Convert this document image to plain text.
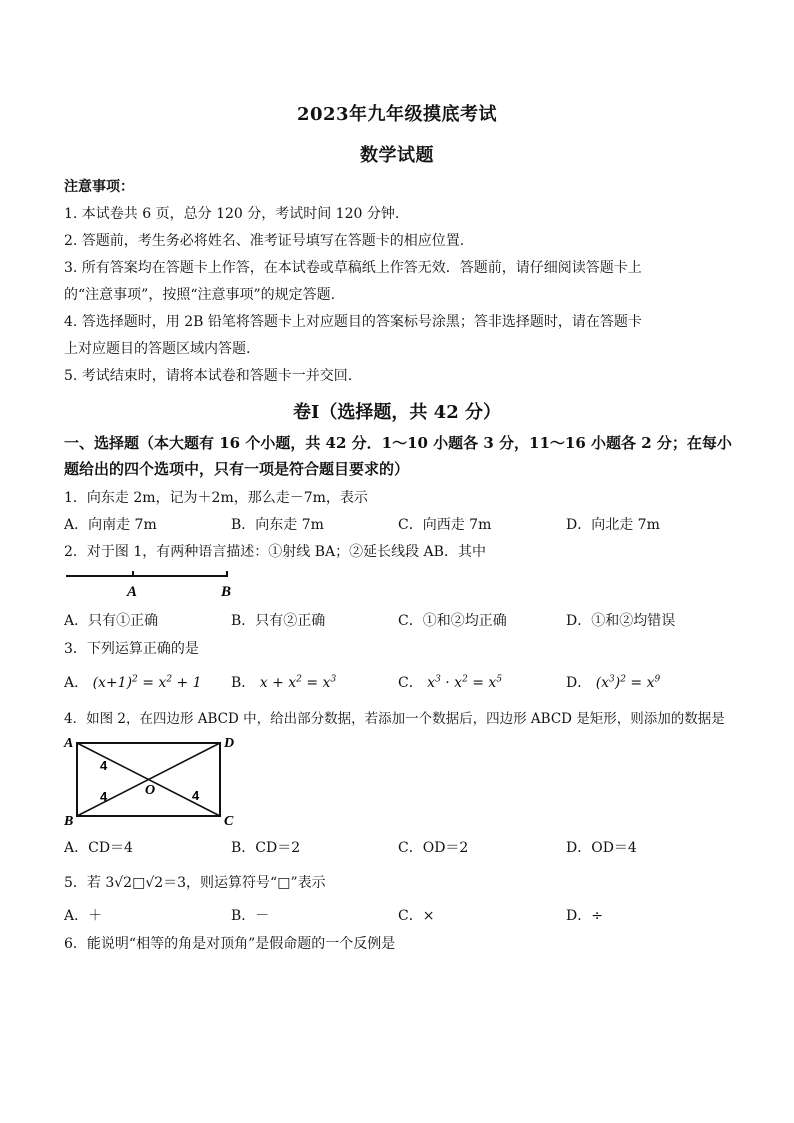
2023年九年级摸底考试
数学试题
注意事项：
1. 本试卷共 6 页，总分 120 分，考试时间 120 分钟.
2. 答题前，考生务必将姓名、准考证号填写在答题卡的相应位置.
3. 所有答案均在答题卡上作答，在本试卷或草稿纸上作答无效．答题前，请仔细阅读答题卡上
的“注意事项”，按照“注意事项”的规定答题.
4. 答选择题时，用 2B 铅笔将答题卡上对应题目的答案标号涂黑；答非选择题时，请在答题卡
上对应题目的答题区域内答题.
5. 考试结束时，请将本试卷和答题卡一并交回.
卷Ⅰ（选择题，共 42 分）
一、选择题（本大题有 16 个小题，共 42 分．1～10 小题各 3 分，11～16 小题各 2 分；在每小
题给出的四个选项中，只有一项是符合题目要求的）
1．向东走 2m，记为＋2m，那么走－7m，表示
A．向南走 7m	B．向东走 7m	C．向西走 7m	D．向北走 7m
2．对于图 1，有两种语言描述：①射线 BA；②延长线段 AB．其中
A	B
A．只有①正确	B．只有②正确	C．①和②均正确	D．①和②均错误
3．下列运算正确的是
A． $(x+1)^2 = x^2 + 1$ B． $x + x^2 = x^3$	C． $x^3 \cdot x^2 = x^5$	D． $(x^3)^2 = x^9$
4．如图 2，在四边形 ABCD 中，给出部分数据，若添加一个数据后，四边形 ABCD 是矩形，则添加的数据是
A	D
B	C
O
4
4	4
A．CD＝4	B．CD＝2	C．OD＝2	D．OD＝4
5．若 3√2□√2＝3，则运算符号“□”表示
A．＋	B．－	C．×	D．÷
6．能说明“相等的角是对顶角”是假命题的一个反例是
